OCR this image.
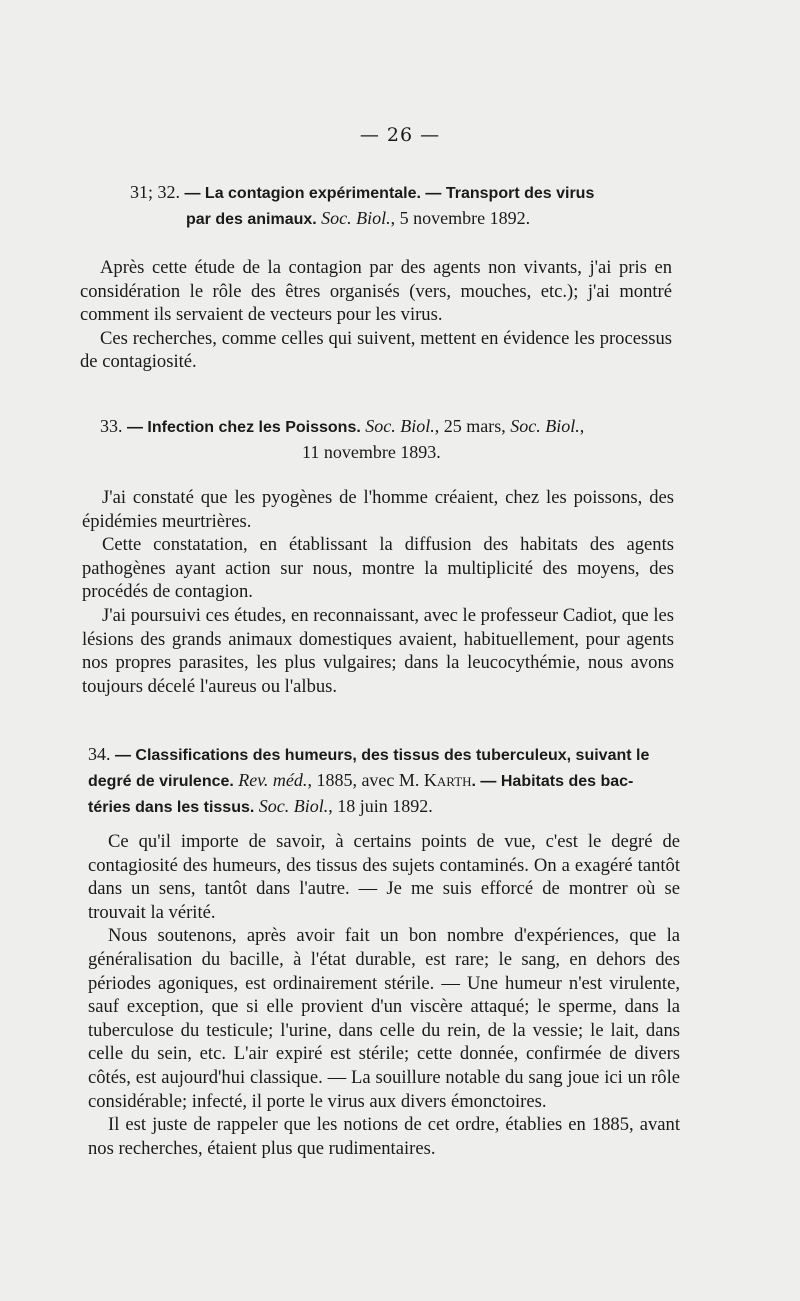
— 26 —
31; 32. — La contagion expérimentale. — Transport des virus
par des animaux. Soc. Biol., 5 novembre 1892.

Après cette étude de la contagion par des agents non vivants, j'ai pris en considération le rôle des êtres organisés (vers, mouches, etc.); j'ai montré comment ils servaient de vecteurs pour les virus.

Ces recherches, comme celles qui suivent, mettent en évidence les processus de contagiosité.

33. — Infection chez les Poissons. Soc. Biol., 25 mars, Soc. Biol.,
11 novembre 1893.

J'ai constaté que les pyogènes de l'homme créaient, chez les poissons, des épidémies meurtrières.

Cette constatation, en établissant la diffusion des habitats des agents pathogènes ayant action sur nous, montre la multiplicité des moyens, des procédés de contagion.

J'ai poursuivi ces études, en reconnaissant, avec le professeur Cadiot, que les lésions des grands animaux domestiques avaient, habituellement, pour agents nos propres parasites, les plus vulgaires; dans la leucocythémie, nous avons toujours décelé l'aureus ou l'albus.

34. — Classifications des humeurs, des tissus des tuberculeux, suivant le
degré de virulence. Rev. méd., 1885, avec M. Karth. — Habitats des bac-
téries dans les tissus. Soc. Biol., 18 juin 1892.

Ce qu'il importe de savoir, à certains points de vue, c'est le degré de contagiosité des humeurs, des tissus des sujets contaminés. On a exagéré tantôt dans un sens, tantôt dans l'autre. — Je me suis efforcé de montrer où se trouvait la vérité.

Nous soutenons, après avoir fait un bon nombre d'expériences, que la généralisation du bacille, à l'état durable, est rare; le sang, en dehors des périodes agoniques, est ordinairement stérile. — Une humeur n'est virulente, sauf exception, que si elle provient d'un viscère attaqué; le sperme, dans la tuberculose du testicule; l'urine, dans celle du rein, de la vessie; le lait, dans celle du sein, etc. L'air expiré est stérile; cette donnée, confirmée de divers côtés, est aujourd'hui classique. — La souillure notable du sang joue ici un rôle considérable; infecté, il porte le virus aux divers émonctoires.

Il est juste de rappeler que les notions de cet ordre, établies en 1885, avant nos recherches, étaient plus que rudimentaires.
